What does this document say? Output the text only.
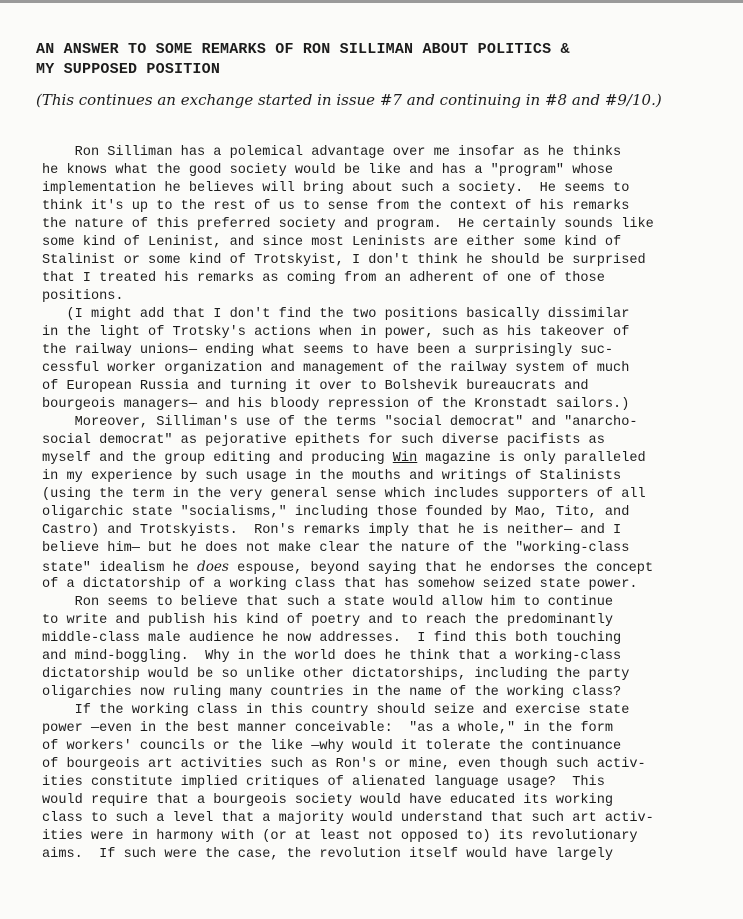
AN ANSWER TO SOME REMARKS OF RON SILLIMAN ABOUT POLITICS &
MY SUPPOSED POSITION

(This continues an exchange started in issue #7 and continuing in #8 and #9/10.)

Ron Silliman has a polemical advantage over me insofar as he thinks
he knows what the good society would be like and has a "program" whose
implementation he believes will bring about such a society.  He seems to
think it's up to the rest of us to sense from the context of his remarks
the nature of this preferred society and program.  He certainly sounds like
some kind of Leninist, and since most Leninists are either some kind of
Stalinist or some kind of Trotskyist, I don't think he should be surprised
that I treated his remarks as coming from an adherent of one of those
positions.
(I might add that I don't find the two positions basically dissimilar
in the light of Trotsky's actions when in power, such as his takeover of
the railway unions— ending what seems to have been a surprisingly suc-
cessful worker organization and management of the railway system of much
of European Russia and turning it over to Bolshevik bureaucrats and
bourgeois managers— and his bloody repression of the Kronstadt sailors.)
Moreover, Silliman's use of the terms "social democrat" and "anarcho-
social democrat" as pejorative epithets for such diverse pacifists as
myself and the group editing and producing Win magazine is only paralleled
in my experience by such usage in the mouths and writings of Stalinists
(using the term in the very general sense which includes supporters of all
oligarchic state "socialisms," including those founded by Mao, Tito, and
Castro) and Trotskyists.  Ron's remarks imply that he is neither— and I
believe him— but he does not make clear the nature of the "working-class
state" idealism he does espouse, beyond saying that he endorses the concept
of a dictatorship of a working class that has somehow seized state power.
Ron seems to believe that such a state would allow him to continue
to write and publish his kind of poetry and to reach the predominantly
middle-class male audience he now addresses.  I find this both touching
and mind-boggling.  Why in the world does he think that a working-class
dictatorship would be so unlike other dictatorships, including the party
oligarchies now ruling many countries in the name of the working class?
If the working class in this country should seize and exercise state
power —even in the best manner conceivable:  "as a whole," in the form
of workers' councils or the like —why would it tolerate the continuance
of bourgeois art activities such as Ron's or mine, even though such activ-
ities constitute implied critiques of alienated language usage?  This
would require that a bourgeois society would have educated its working
class to such a level that a majority would understand that such art activ-
ities were in harmony with (or at least not opposed to) its revolutionary
aims.  If such were the case, the revolution itself would have largely
